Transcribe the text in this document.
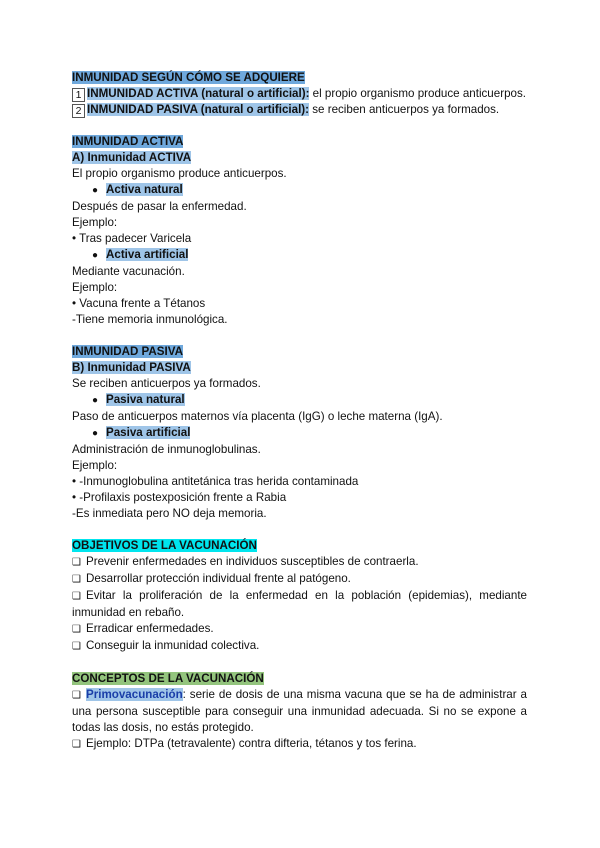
INMUNIDAD SEGÚN CÓMO SE ADQUIERE
1 INMUNIDAD ACTIVA (natural o artificial): el propio organismo produce anticuerpos.
2 INMUNIDAD PASIVA (natural o artificial): se reciben anticuerpos ya formados.
INMUNIDAD ACTIVA
A) Inmunidad ACTIVA
El propio organismo produce anticuerpos.
● Activa natural
Después de pasar la enfermedad.
Ejemplo:
• Tras padecer Varicela
● Activa artificial
Mediante vacunación.
Ejemplo:
• Vacuna frente a Tétanos
-Tiene memoria inmunológica.
INMUNIDAD PASIVA
B) Inmunidad PASIVA
Se reciben anticuerpos ya formados.
● Pasiva natural
Paso de anticuerpos maternos vía placenta (IgG) o leche materna (IgA).
● Pasiva artificial
Administración de inmunoglobulinas.
Ejemplo:
• -Inmunoglobulina antitetánica tras herida contaminada
• -Profilaxis postexposición frente a Rabia
-Es inmediata pero NO deja memoria.
OBJETIVOS DE LA VACUNACIÓN
❑ Prevenir enfermedades en individuos susceptibles de contraerla.
❑ Desarrollar protección individual frente al patógeno.
❑ Evitar la proliferación de la enfermedad en la población (epidemias), mediante inmunidad en rebaño.
❑ Erradicar enfermedades.
❑ Conseguir la inmunidad colectiva.
CONCEPTOS DE LA VACUNACIÓN
❑ Primovacunación: serie de dosis de una misma vacuna que se ha de administrar a una persona susceptible para conseguir una inmunidad adecuada. Si no se expone a todas las dosis, no estás protegido.
❑ Ejemplo: DTPa (tetravalente) contra difteria, tétanos y tos ferina.
